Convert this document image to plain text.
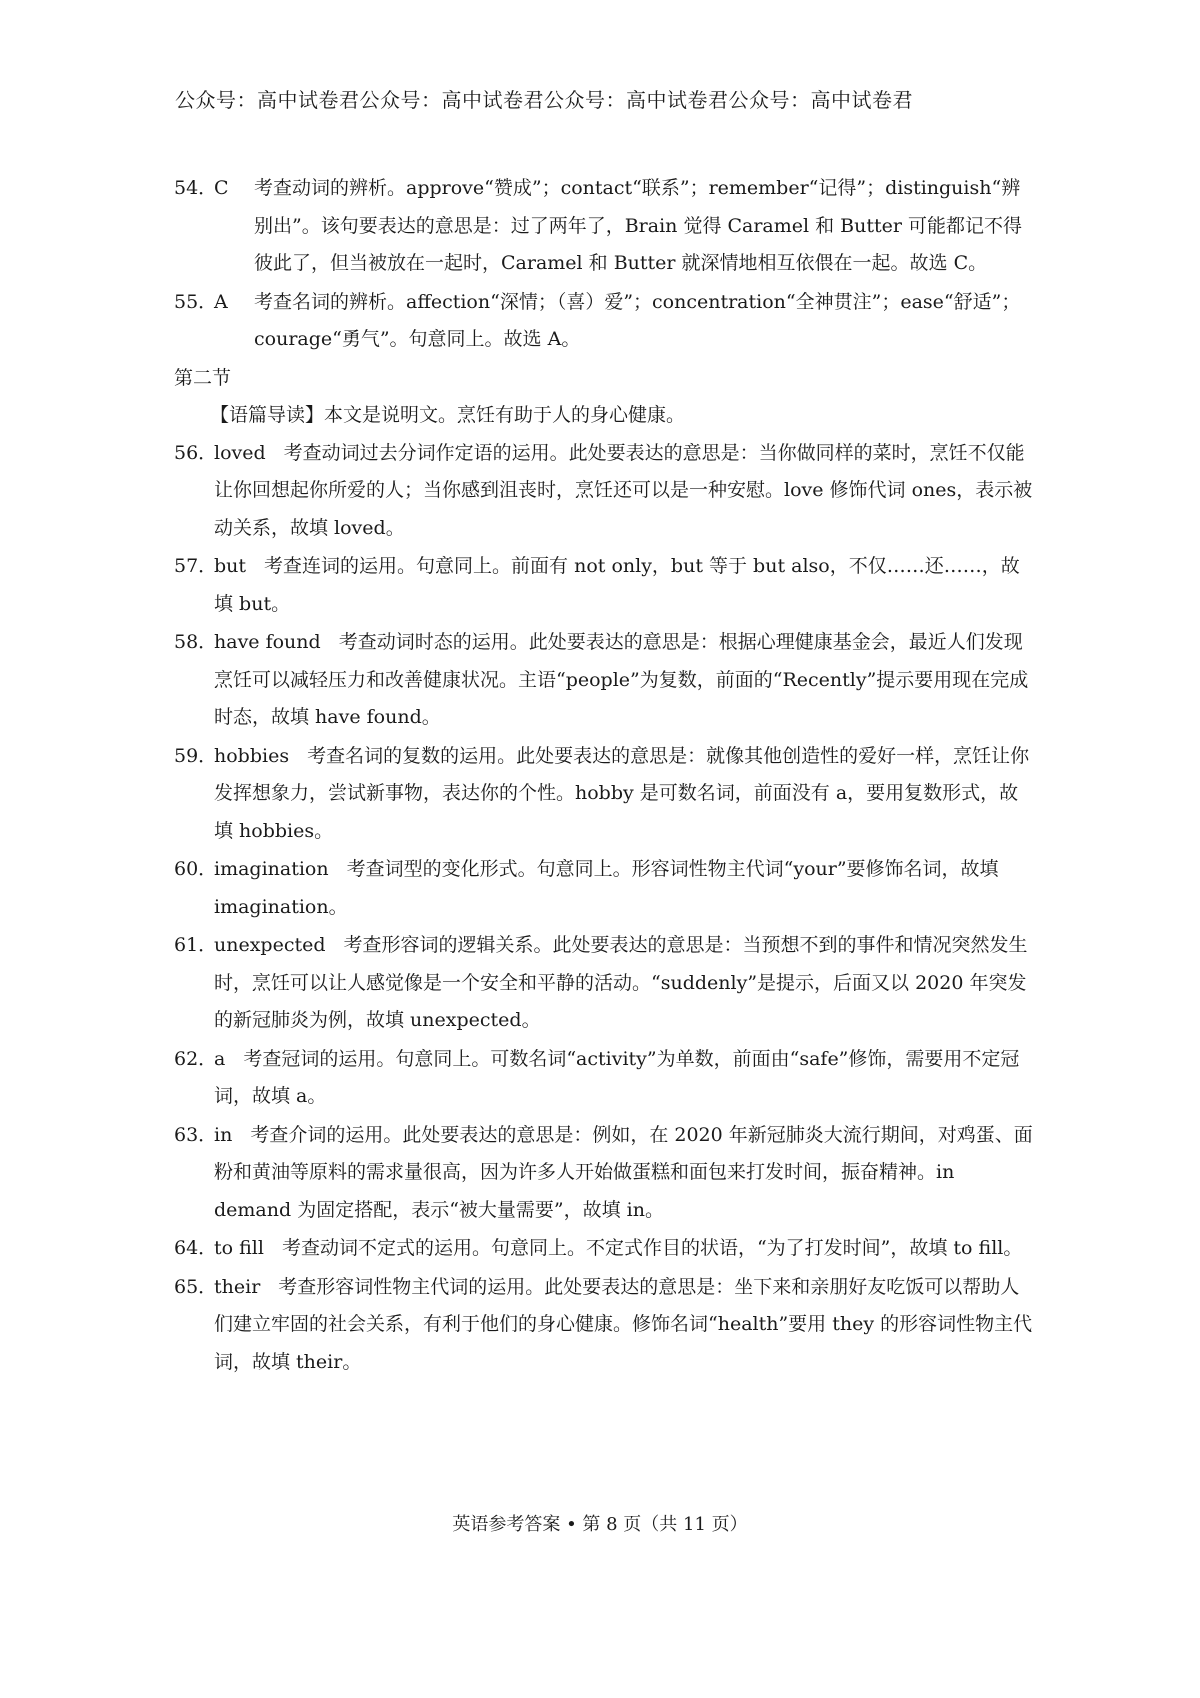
公众号：高中试卷君公众号：高中试卷君公众号：高中试卷君公众号：高中试卷君
54．
C 考查动词的辨析。approve“赞成”；contact“联系”；remember“记得”；distinguish“辨别出”。该句要表达的意思是：过了两年了，Brain 觉得 Caramel 和 Butter 可能都记不得彼此了，但当被放在一起时，Caramel 和 Butter 就深情地相互依偎在一起。故选 C。
55．
A 考查名词的辨析。affection“深情；（喜）爱”；concentration“全神贯注”；ease“舒适”；courage“勇气”。句意同上。故选 A。
第二节
【语篇导读】本文是说明文。烹饪有助于人的身心健康。
56．
loved 考查动词过去分词作定语的运用。此处要表达的意思是：当你做同样的菜时，烹饪不仅能让你回想起你所爱的人；当你感到沮丧时，烹饪还可以是一种安慰。love 修饰代词 ones，表示被动关系，故填 loved。
57．
but 考查连词的运用。句意同上。前面有 not only，but 等于 but also，不仅……还……，故填 but。
58．
have found 考查动词时态的运用。此处要表达的意思是：根据心理健康基金会，最近人们发现烹饪可以减轻压力和改善健康状况。主语“people”为复数，前面的“Recently”提示要用现在完成时态，故填 have found。
59．
hobbies 考查名词的复数的运用。此处要表达的意思是：就像其他创造性的爱好一样，烹饪让你发挥想象力，尝试新事物，表达你的个性。hobby 是可数名词，前面没有 a，要用复数形式，故填 hobbies。
60．
imagination 考查词型的变化形式。句意同上。形容词性物主代词“your”要修饰名词，故填 imagination。
61．
unexpected 考查形容词的逻辑关系。此处要表达的意思是：当预想不到的事件和情况突然发生时，烹饪可以让人感觉像是一个安全和平静的活动。“suddenly”是提示，后面又以 2020 年突发的新冠肺炎为例，故填 unexpected。
62．
a 考查冠词的运用。句意同上。可数名词“activity”为单数，前面由“safe”修饰，需要用不定冠词，故填 a。
63．
in 考查介词的运用。此处要表达的意思是：例如，在 2020 年新冠肺炎大流行期间，对鸡蛋、面粉和黄油等原料的需求量很高，因为许多人开始做蛋糕和面包来打发时间，振奋精神。in demand 为固定搭配，表示“被大量需要”，故填 in。
64．
to fill 考查动词不定式的运用。句意同上。不定式作目的状语，“为了打发时间”，故填 to fill。
65．
their 考查形容词性物主代词的运用。此处要表达的意思是：坐下来和亲朋好友吃饭可以帮助人们建立牢固的社会关系，有利于他们的身心健康。修饰名词“health”要用 they 的形容词性物主代词，故填 their。
英语参考答案 • 第 8 页（共 11 页）
